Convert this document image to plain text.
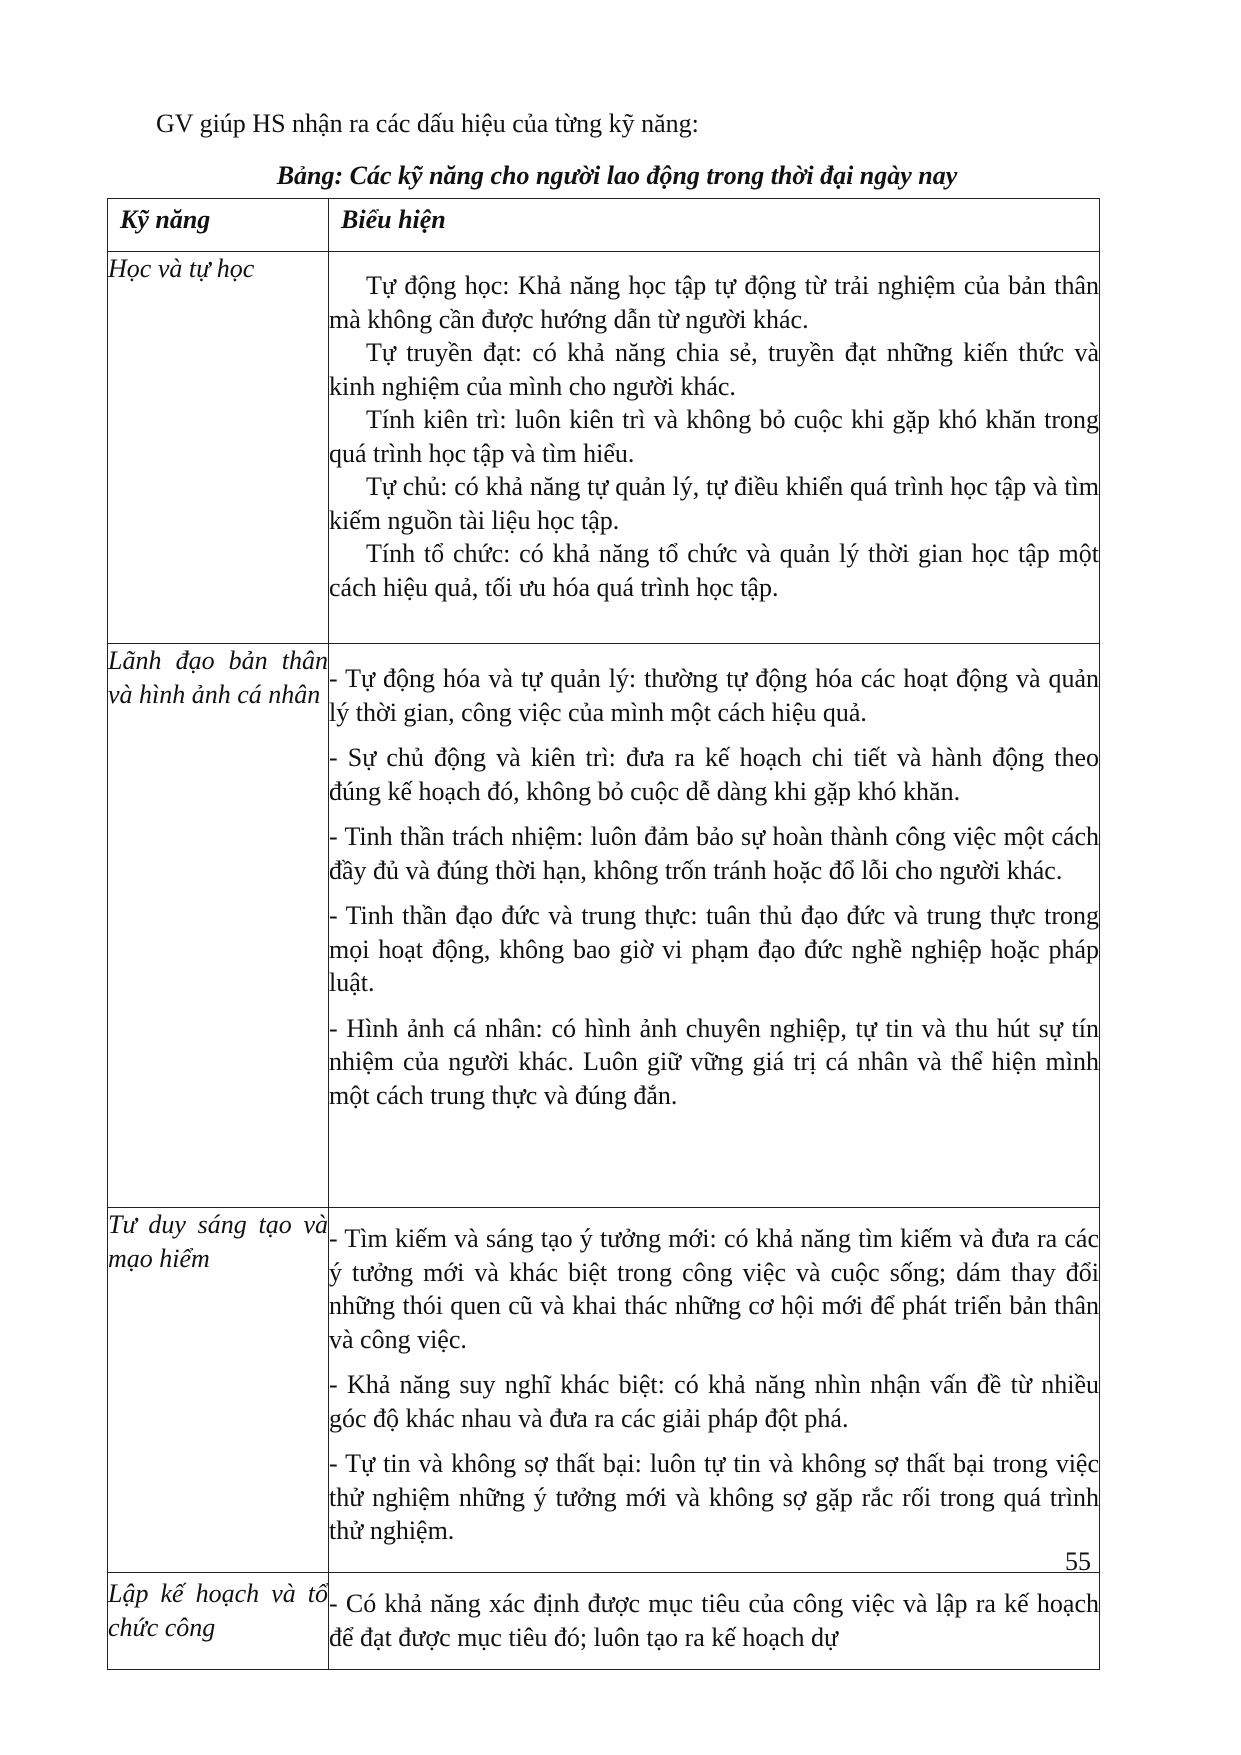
GV giúp HS nhận ra các dấu hiệu của từng kỹ năng:

Bảng: Các kỹ năng cho người lao động trong thời đại ngày nay

Kỹ năng	Biểu hiện

Học và tự học	Tự động học: Khả năng học tập tự động từ trải nghiệm của bản thân mà không cần được hướng dẫn từ người khác.

Tự truyền đạt: có khả năng chia sẻ, truyền đạt những kiến thức và kinh nghiệm của mình cho người khác.

Tính kiên trì: luôn kiên trì và không bỏ cuộc khi gặp khó khăn trong quá trình học tập và tìm hiểu.

Tự chủ: có khả năng tự quản lý, tự điều khiển quá trình học tập và tìm kiếm nguồn tài liệu học tập.

Tính tổ chức: có khả năng tổ chức và quản lý thời gian học tập một cách hiệu quả, tối ưu hóa quá trình học tập.

Lãnh đạo bản thân và hình ảnh cá nhân	- Tự động hóa và tự quản lý: thường tự động hóa các hoạt động và quản lý thời gian, công việc của mình một cách hiệu quả.

- Sự chủ động và kiên trì: đưa ra kế hoạch chi tiết và hành động theo đúng kế hoạch đó, không bỏ cuộc dễ dàng khi gặp khó khăn.

- Tinh thần trách nhiệm: luôn đảm bảo sự hoàn thành công việc một cách đầy đủ và đúng thời hạn, không trốn tránh hoặc đổ lỗi cho người khác.

- Tinh thần đạo đức và trung thực: tuân thủ đạo đức và trung thực trong mọi hoạt động, không bao giờ vi phạm đạo đức nghề nghiệp hoặc pháp luật.

- Hình ảnh cá nhân: có hình ảnh chuyên nghiệp, tự tin và thu hút sự tín nhiệm của người khác. Luôn giữ vững giá trị cá nhân và thể hiện mình một cách trung thực và đúng đắn.

Tư duy sáng tạo và mạo hiểm	- Tìm kiếm và sáng tạo ý tưởng mới: có khả năng tìm kiếm và đưa ra các ý tưởng mới và khác biệt trong công việc và cuộc sống; dám thay đổi những thói quen cũ và khai thác những cơ hội mới để phát triển bản thân và công việc.

- Khả năng suy nghĩ khác biệt: có khả năng nhìn nhận vấn đề từ nhiều góc độ khác nhau và đưa ra các giải pháp đột phá.

- Tự tin và không sợ thất bại: luôn tự tin và không sợ thất bại trong việc thử nghiệm những ý tưởng mới và không sợ gặp rắc rối trong quá trình thử nghiệm.

Lập kế hoạch và tổ chức công	- Có khả năng xác định được mục tiêu của công việc và lập ra kế hoạch để đạt được mục tiêu đó; luôn tạo ra kế hoạch dự

55
